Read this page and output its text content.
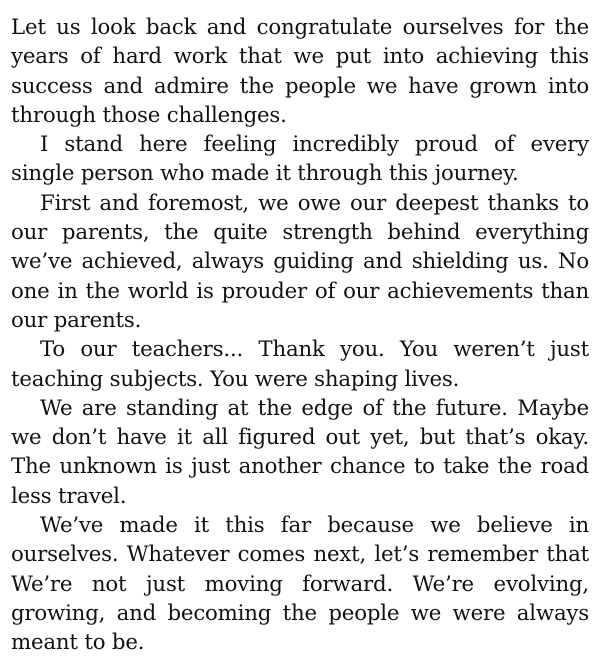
Let us look back and congratulate ourselves for the years of hard work that we put into achieving this success and admire the people we have grown into through those challenges.

I stand here feeling incredibly proud of every single person who made it through this journey.

First and foremost, we owe our deepest thanks to our parents, the quite strength behind everything we’ve achieved, always guiding and shielding us. No one in the world is prouder of our achievements than our parents.

To our teachers... Thank you. You weren’t just teaching subjects. You were shaping lives.

We are standing at the edge of the future. Maybe we don’t have it all figured out yet, but that’s okay. The unknown is just another chance to take the road less travel.

We’ve made it this far because we believe in ourselves. Whatever comes next, let’s remember that We’re not just moving forward. We’re evolving, growing, and becoming the people we were always meant to be.
